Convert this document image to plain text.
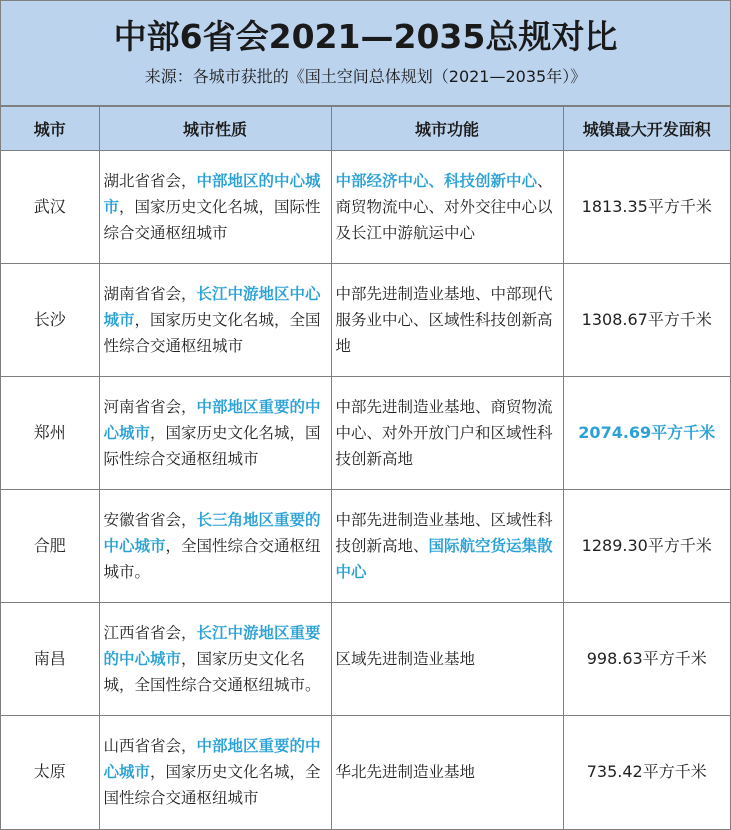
中部6省会2021—2035总规对比
来源：各城市获批的《国土空间总体规划（2021—2035年）》
城市	城市性质	城市功能	城镇最大开发面积
武汉	湖北省省会，中部地区的中心城市，国家历史文化名城，国际性综合交通枢纽城市	中部经济中心、科技创新中心、商贸物流中心、对外交往中心以及长江中游航运中心	1813.35平方千米
长沙	湖南省省会，长江中游地区中心城市，国家历史文化名城，全国性综合交通枢纽城市	中部先进制造业基地、中部现代服务业中心、区域性科技创新高地	1308.67平方千米
郑州	河南省省会，中部地区重要的中心城市，国家历史文化名城，国际性综合交通枢纽城市	中部先进制造业基地、商贸物流中心、对外开放门户和区域性科技创新高地	2074.69平方千米
合肥	安徽省省会，长三角地区重要的中心城市，全国性综合交通枢纽城市。	中部先进制造业基地、区域性科技创新高地、国际航空货运集散中心	1289.30平方千米
南昌	江西省省会，长江中游地区重要的中心城市，国家历史文化名城，全国性综合交通枢纽城市。	区域先进制造业基地	998.63平方千米
太原	山西省省会，中部地区重要的中心城市，国家历史文化名城，全国性综合交通枢纽城市	华北先进制造业基地	735.42平方千米
